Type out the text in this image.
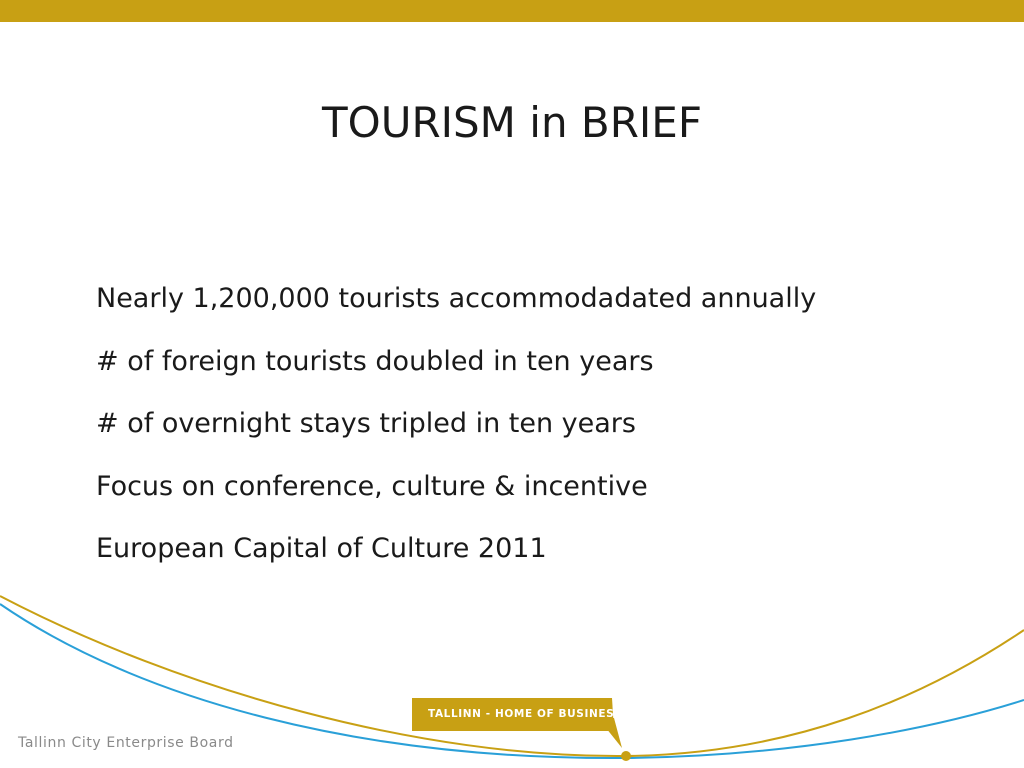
TOURISM in BRIEF
Nearly 1,200,000 tourists accommodadated annually
# of foreign tourists doubled in ten years
# of overnight stays tripled in ten years
Focus on conference, culture & incentive
European Capital of Culture 2011
TALLINN - HOME OF BUSINESS
Tallinn City Enterprise Board
